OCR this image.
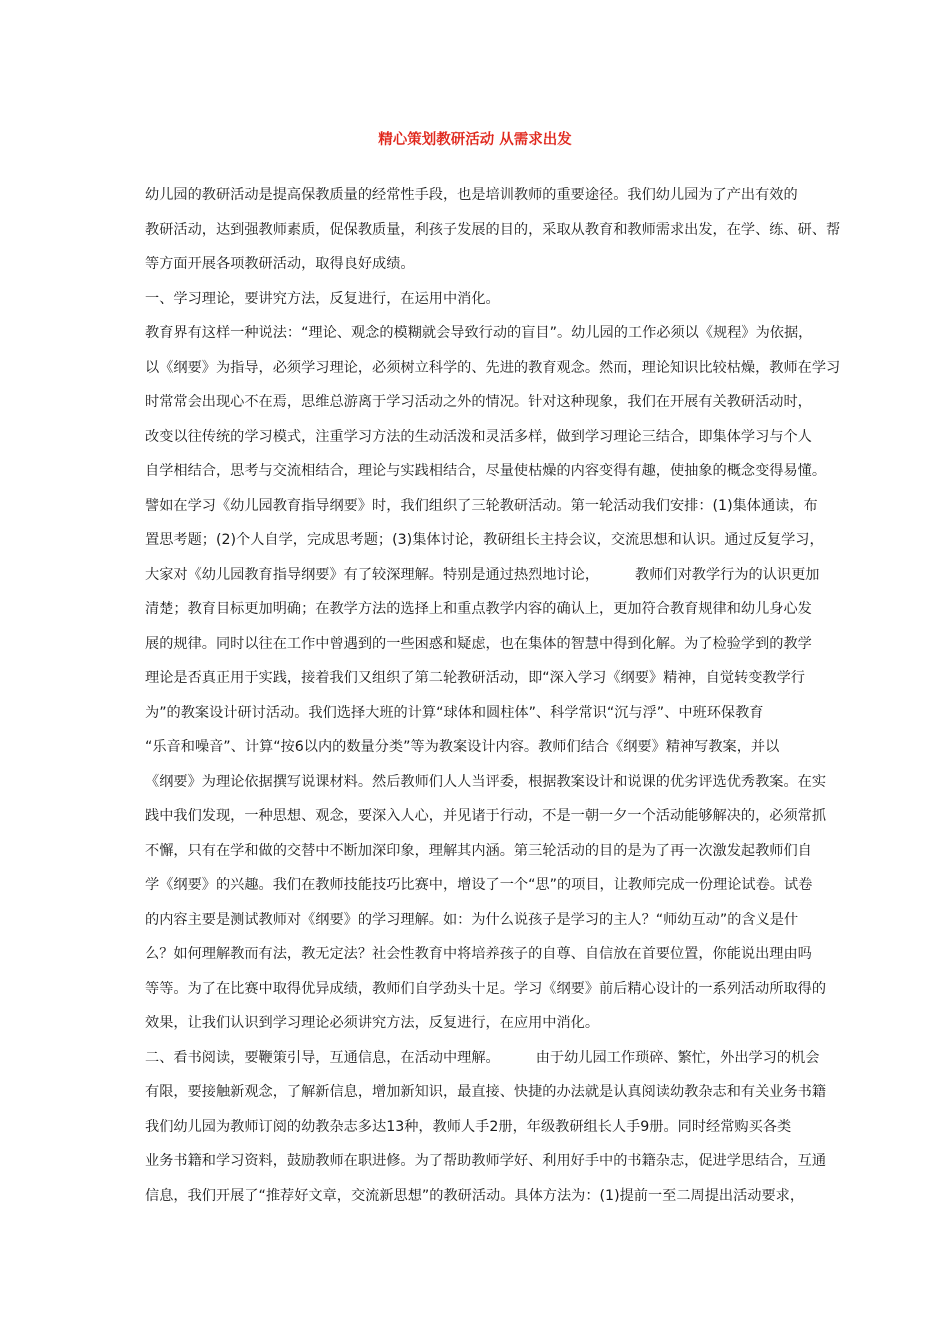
精心策划教研活动 从需求出发
幼儿园的教研活动是提高保教质量的经常性手段，也是培训教师的重要途径。我们幼儿园为了产出有效的
教研活动，达到强教师素质，促保教质量，利孩子发展的目的，采取从教育和教师需求出发，在学、练、研、帮
等方面开展各项教研活动，取得良好成绩。
一、学习理论，要讲究方法，反复进行，在运用中消化。
教育界有这样一种说法：“理论、观念的模糊就会导致行动的盲目”。幼儿园的工作必须以《规程》为依据，
以《纲要》为指导，必须学习理论，必须树立科学的、先进的教育观念。然而，理论知识比较枯燥，教师在学习
时常常会出现心不在焉，思维总游离于学习活动之外的情况。针对这种现象，我们在开展有关教研活动时，
改变以往传统的学习模式，注重学习方法的生动活泼和灵活多样，做到学习理论三结合，即集体学习与个人
自学相结合，思考与交流相结合，理论与实践相结合，尽量使枯燥的内容变得有趣，使抽象的概念变得易懂。
譬如在学习《幼儿园教育指导纲要》时，我们组织了三轮教研活动。第一轮活动我们安排：(1)集体通读，布
置思考题；(2)个人自学，完成思考题；(3)集体讨论，教研组长主持会议，交流思想和认识。通过反复学习，
大家对《幼儿园教育指导纲要》有了较深理解。特别是通过热烈地讨论，	教师们对教学行为的认识更加
清楚；教育目标更加明确；在教学方法的选择上和重点教学内容的确认上，更加符合教育规律和幼儿身心发
展的规律。同时以往在工作中曾遇到的一些困惑和疑虑，也在集体的智慧中得到化解。为了检验学到的教学
理论是否真正用于实践，接着我们又组织了第二轮教研活动，即“深入学习《纲要》精神，自觉转变教学行
为”的教案设计研讨活动。我们选择大班的计算“球体和圆柱体”、科学常识“沉与浮”、中班环保教育
“乐音和噪音”、计算“按6以内的数量分类”等为教案设计内容。教师们结合《纲要》精神写教案，并以
《纲要》为理论依据撰写说课材料。然后教师们人人当评委，根据教案设计和说课的优劣评选优秀教案。在实
践中我们发现，一种思想、观念，要深入人心，并见诸于行动，不是一朝一夕一个活动能够解决的，必须常抓
不懈，只有在学和做的交替中不断加深印象，理解其内涵。第三轮活动的目的是为了再一次激发起教师们自
学《纲要》的兴趣。我们在教师技能技巧比赛中，增设了一个“思”的项目，让教师完成一份理论试卷。试卷
的内容主要是测试教师对《纲要》的学习理解。如：为什么说孩子是学习的主人？“师幼互动”的含义是什
么？如何理解教而有法，教无定法？社会性教育中将培养孩子的自尊、自信放在首要位置，你能说出理由吗
等等。为了在比赛中取得优异成绩，教师们自学劲头十足。学习《纲要》前后精心设计的一系列活动所取得的
效果，让我们认识到学习理论必须讲究方法，反复进行，在应用中消化。
二、看书阅读，要鞭策引导，互通信息，在活动中理解。	由于幼儿园工作琐碎、繁忙，外出学习的机会
有限，要接触新观念，了解新信息，增加新知识，最直接、快捷的办法就是认真阅读幼教杂志和有关业务书籍
我们幼儿园为教师订阅的幼教杂志多达13种，教师人手2册，年级教研组长人手9册。同时经常购买各类
业务书籍和学习资料，鼓励教师在职进修。为了帮助教师学好、利用好手中的书籍杂志，促进学思结合，互通
信息，我们开展了“推荐好文章，交流新思想”的教研活动。具体方法为：(1)提前一至二周提出活动要求，
